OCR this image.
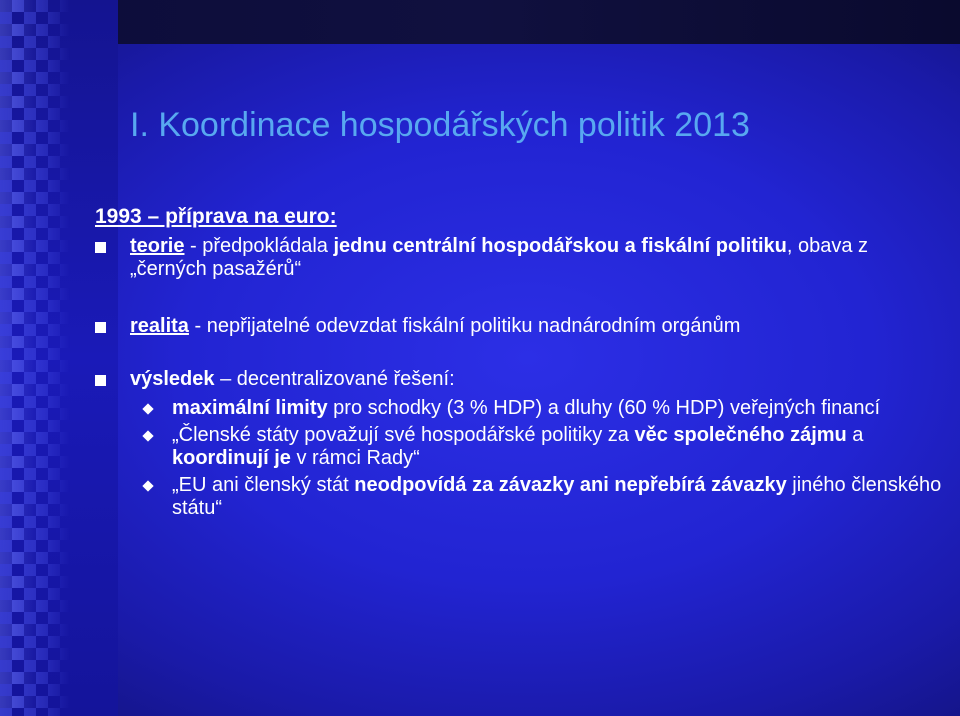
I. Koordinace hospodářských politik 2013
1993 – příprava na euro:
teorie - předpokládala jednu centrální hospodářskou a fiskální politiku, obava z „černých pasažérů“
realita - nepřijatelné odevzdat fiskální politiku nadnárodním orgánům
výsledek – decentralizované řešení:
maximální limity pro schodky (3 % HDP) a dluhy (60 % HDP) veřejných financí
„Členské státy považují své hospodářské politiky za věc společného zájmu a koordinují je v rámci Rady“
„EU ani členský stát neodpovídá za závazky ani nepřebírá závazky jiného členského státu“
